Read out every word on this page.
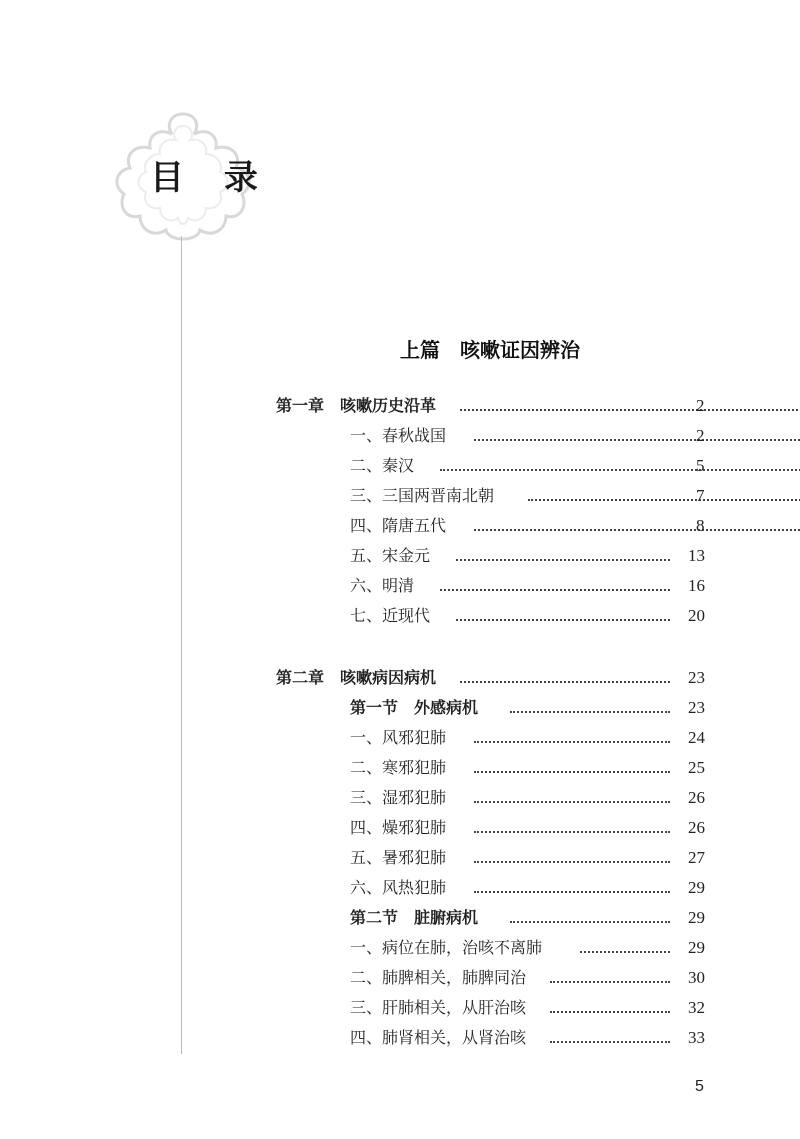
目 录
上篇　咳嗽证因辨治
第一章　咳嗽历史沿革	2
一、春秋战国	2
二、秦汉	5
三、三国两晋南北朝	7
四、隋唐五代	8
五、宋金元	13
六、明清	16
七、近现代	20
第二章　咳嗽病因病机	23
第一节　外感病机	23
一、风邪犯肺	24
二、寒邪犯肺	25
三、湿邪犯肺	26
四、燥邪犯肺	26
五、暑邪犯肺	27
六、风热犯肺	29
第二节　脏腑病机	29
一、病位在肺，治咳不离肺	29
二、肺脾相关，肺脾同治	30
三、肝肺相关，从肝治咳	32
四、肺肾相关，从肾治咳	33
5
